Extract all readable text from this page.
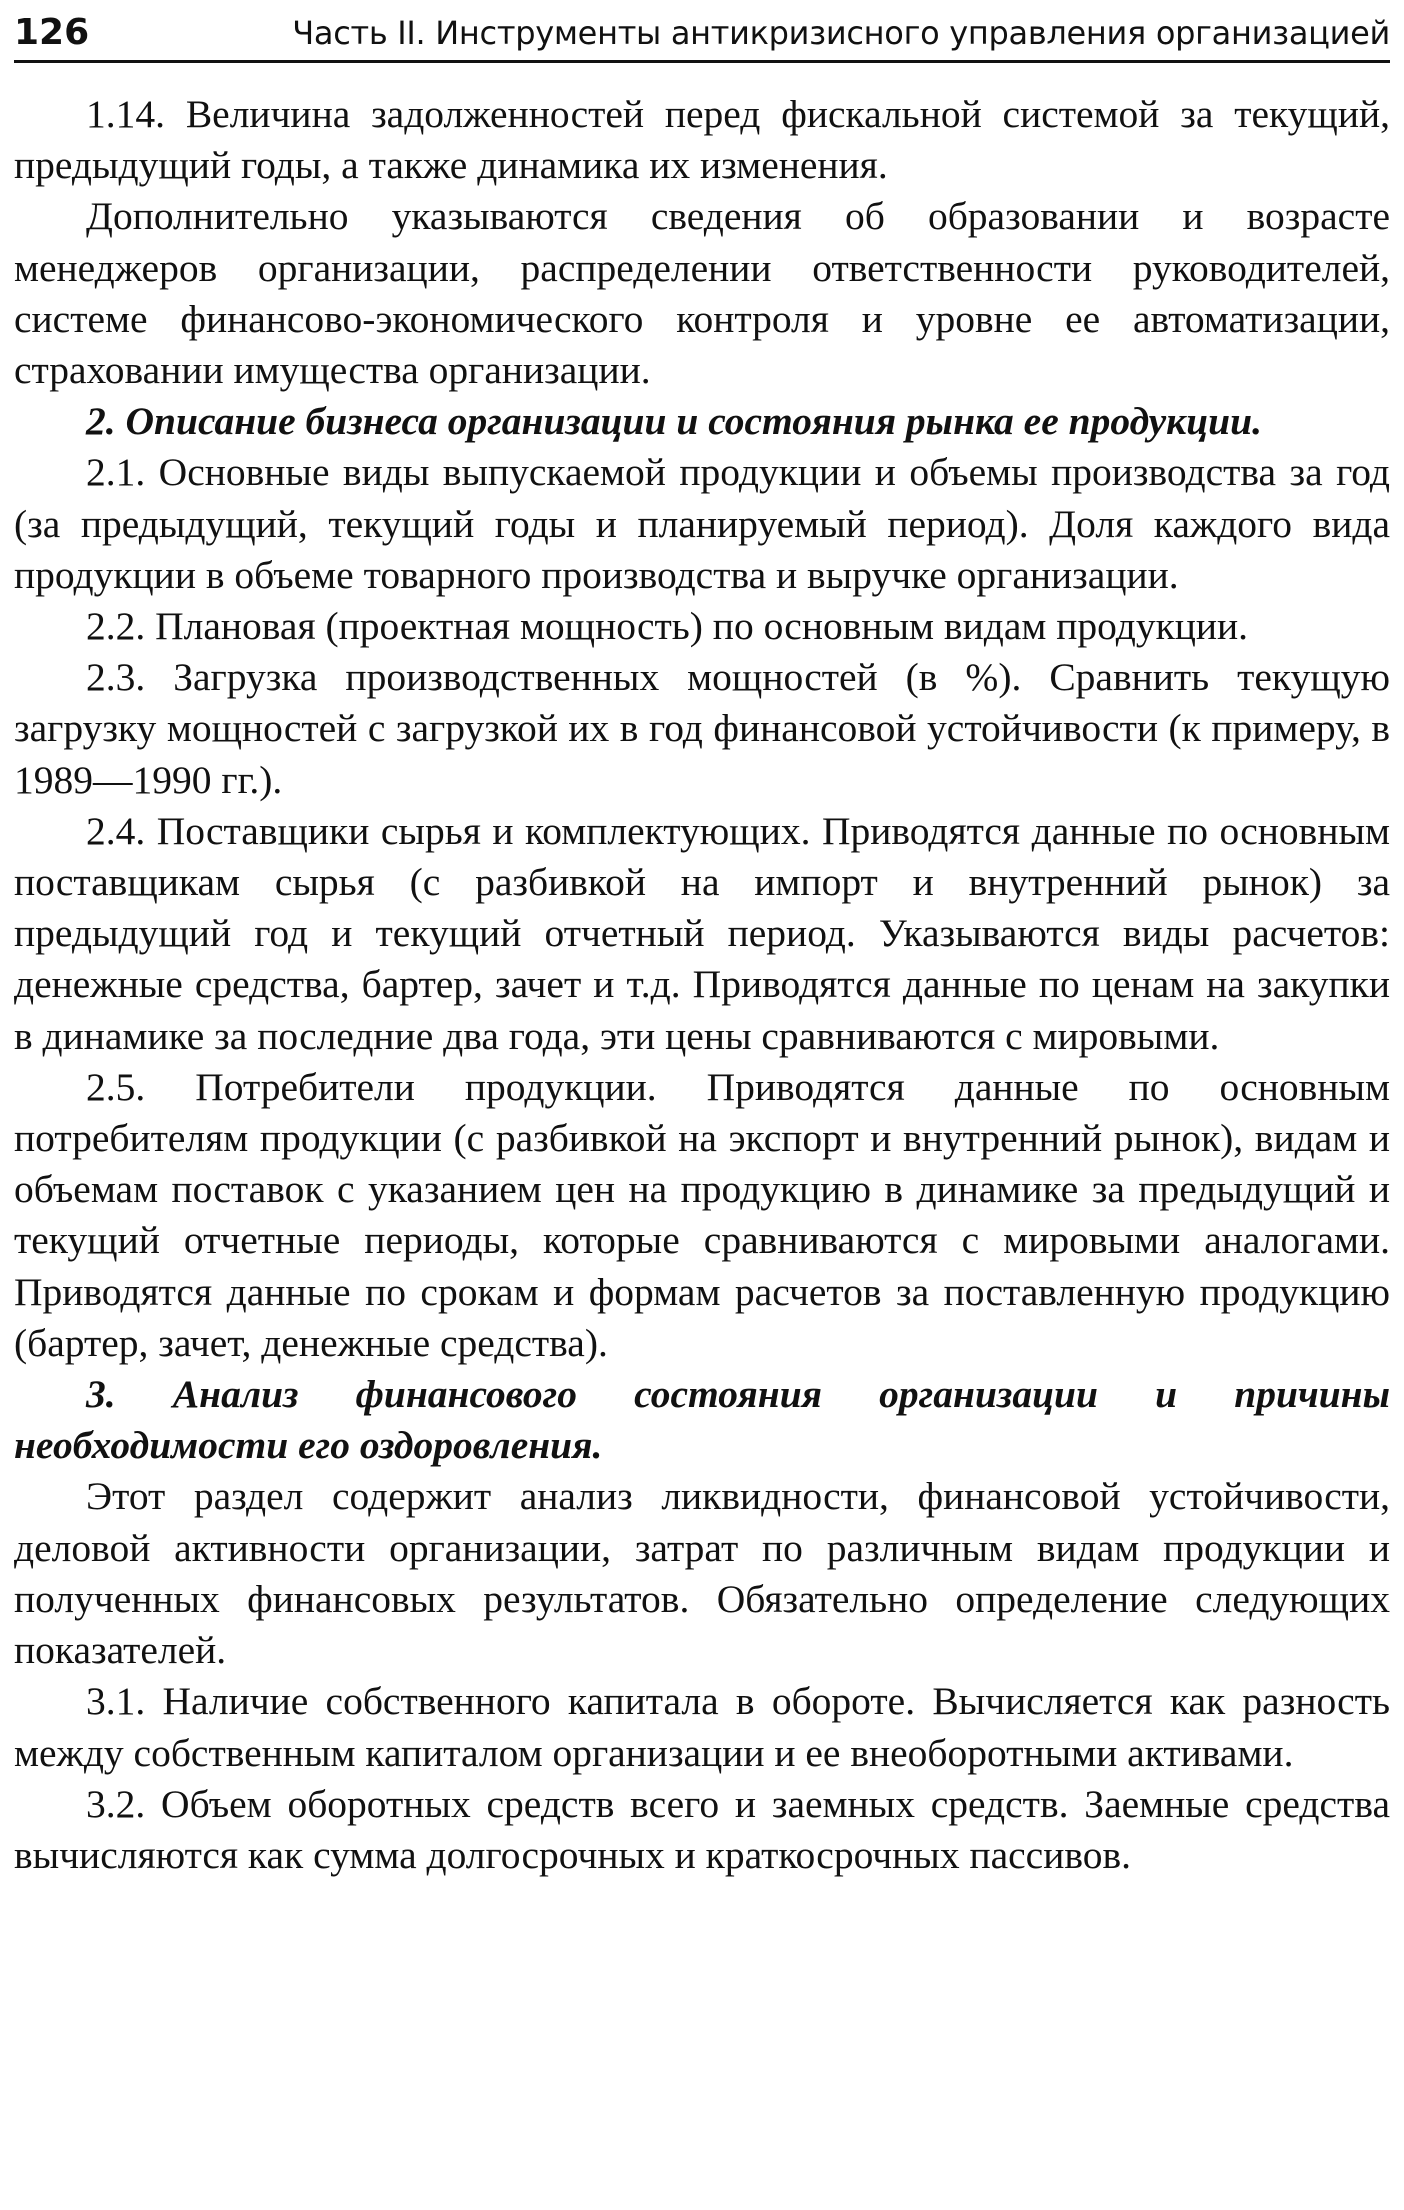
126	Часть II. Инструменты антикризисного управления организацией

1.14. Величина задолженностей перед фискальной системой за текущий, предыдущий годы, а также динамика их изменения.

Дополнительно указываются сведения об образовании и возрасте менеджеров организации, распределении ответственности руководителей, системе финансово-экономического контроля и уровне ее автоматизации, страховании имущества организации.

2. Описание бизнеса организации и состояния рынка ее продукции.

2.1. Основные виды выпускаемой продукции и объемы производства за год (за предыдущий, текущий годы и планируемый период). Доля каждого вида продукции в объеме товарного производства и выручке организации.

2.2. Плановая (проектная мощность) по основным видам продукции.

2.3. Загрузка производственных мощностей (в %). Сравнить текущую загрузку мощностей с загрузкой их в год финансовой устойчивости (к примеру, в 1989—1990 гг.).

2.4. Поставщики сырья и комплектующих. Приводятся данные по основным поставщикам сырья (с разбивкой на импорт и внутренний рынок) за предыдущий год и текущий отчетный период. Указываются виды расчетов: денежные средства, бартер, зачет и т.д. Приводятся данные по ценам на закупки в динамике за последние два года, эти цены сравниваются с мировыми.

2.5. Потребители продукции. Приводятся данные по основным потребителям продукции (с разбивкой на экспорт и внутренний рынок), видам и объемам поставок с указанием цен на продукцию в динамике за предыдущий и текущий отчетные периоды, которые сравниваются с мировыми аналогами. Приводятся данные по срокам и формам расчетов за поставленную продукцию (бартер, зачет, денежные средства).

3. Анализ финансового состояния организации и причины необходимости его оздоровления.

Этот раздел содержит анализ ликвидности, финансовой устойчивости, деловой активности организации, затрат по различным видам продукции и полученных финансовых результатов. Обязательно определение следующих показателей.

3.1. Наличие собственного капитала в обороте. Вычисляется как разность между собственным капиталом организации и ее внеоборотными активами.

3.2. Объем оборотных средств всего и заемных средств. Заемные средства вычисляются как сумма долгосрочных и краткосрочных пассивов.
